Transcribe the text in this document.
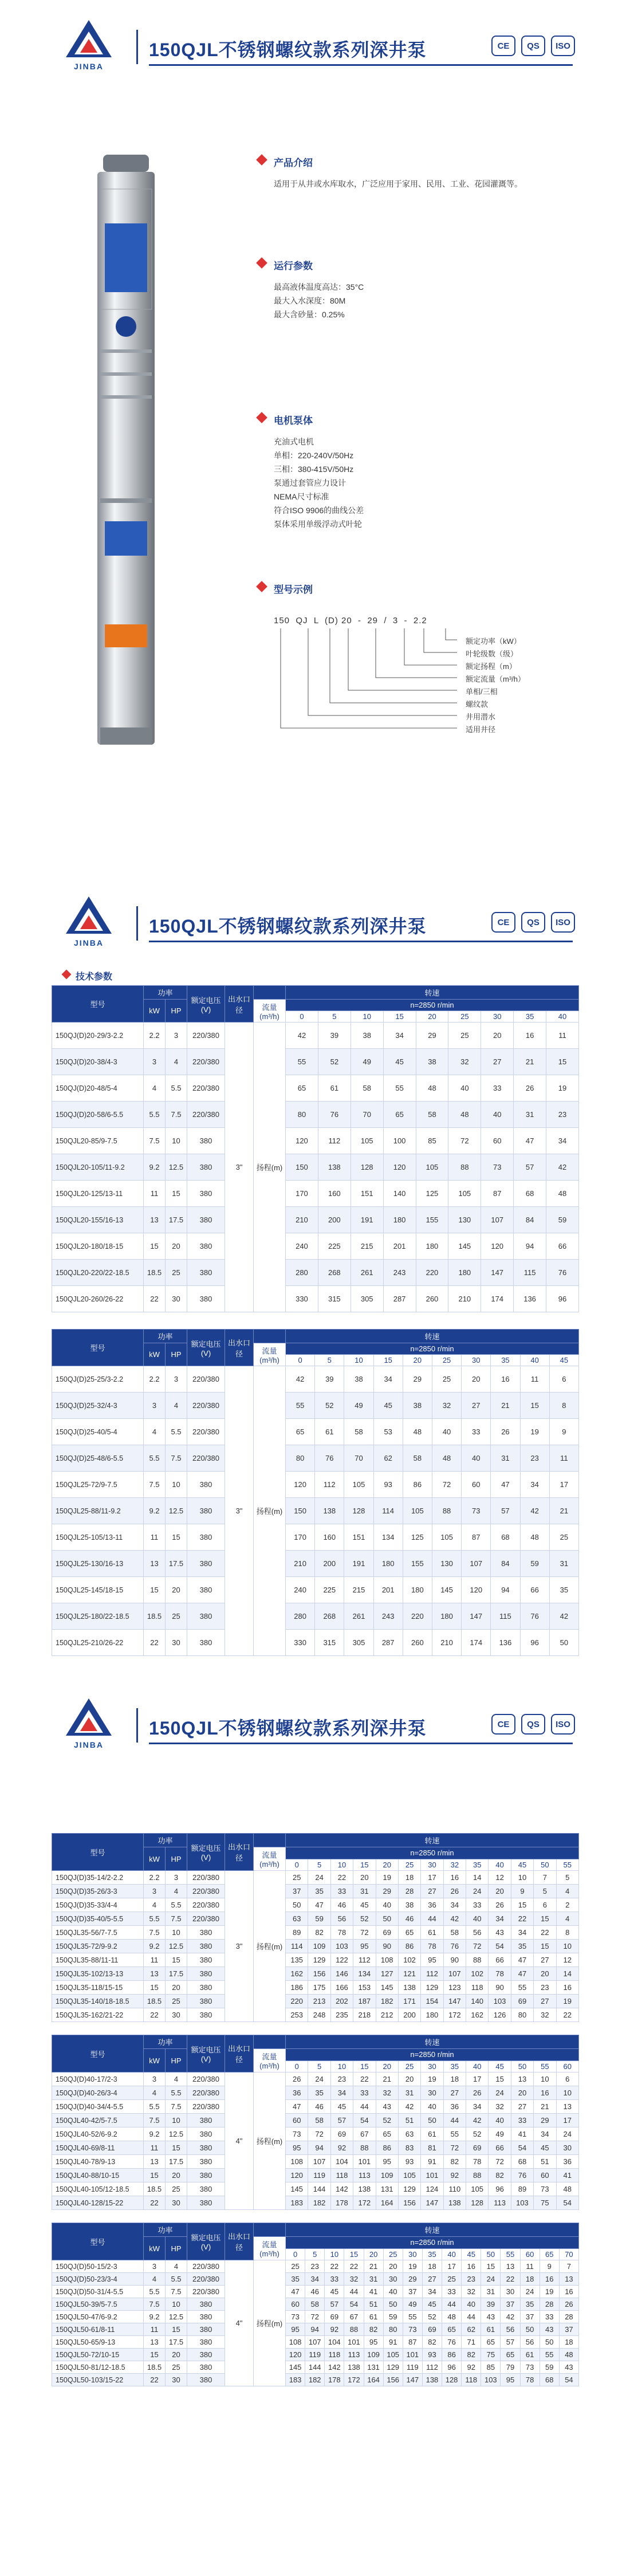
JINBA
150QJL不锈钢螺纹款系列深井泵	CE	QS	ISO
产品介绍
适用于从井或水库取水，广泛应用于家用、民用、工业、花园灌溉等。
运行参数
最高液体温度高达：35°C
最大入水深度：80M
最大含砂量：0.25%
电机泵体
充油式电机
单相：220-240V/50Hz
三相：380-415V/50Hz
泵通过套管应力设计
NEMA尺寸标准
符合ISO 9906的曲线公差
泵体采用单级浮动式叶轮
型号示例
150  QJ  L  (D) 20  -  29  /  3  -  2.2
额定功率（kW）
叶轮级数（级）
额定扬程（m）
额定流量（m³/h）
单相/三相
螺纹款
井用潜水
适用井径
JINBA
150QJL不锈钢螺纹款系列深井泵	CE	QS	ISO
技术参数
JINBA
150QJL不锈钢螺纹款系列深井泵	CE	QS	ISO
型号	功率		额定电压(V)	出水口径		转速								
	kW	HP			流量(m³/h)	n=2850 r/min								
						0	5	10	15	20	25	30	35	40
150QJ(D)20-29/3-2.2	2.2	3	220/380	3"	扬程(m)	42	39	38	34	29	25	20	16	11
150QJ(D)20-38/4-3	3	4	220/380			55	52	49	45	38	32	27	21	15
150QJ(D)20-48/5-4	4	5.5	220/380			65	61	58	55	48	40	33	26	19
150QJ(D)20-58/6-5.5	5.5	7.5	220/380			80	76	70	65	58	48	40	31	23
150QJL20-85/9-7.5	7.5	10	380			120	112	105	100	85	72	60	47	34
150QJL20-105/11-9.2	9.2	12.5	380			150	138	128	120	105	88	73	57	42
150QJL20-125/13-11	11	15	380			170	160	151	140	125	105	87	68	48
150QJL20-155/16-13	13	17.5	380			210	200	191	180	155	130	107	84	59
150QJL20-180/18-15	15	20	380			240	225	215	201	180	145	120	94	66
150QJL20-220/22-18.5	18.5	25	380			280	268	261	243	220	180	147	115	76
150QJL20-260/26-22	22	30	380			330	315	305	287	260	210	174	136	96
型号	功率		额定电压(V)	出水口径		转速									
	kW	HP			流量(m³/h)	n=2850 r/min									
						0	5	10	15	20	25	30	35	40	45
150QJ(D)25-25/3-2.2	2.2	3	220/380	3"	扬程(m)	42	39	38	34	29	25	20	16	11	6
150QJ(D)25-32/4-3	3	4	220/380			55	52	49	45	38	32	27	21	15	8
150QJ(D)25-40/5-4	4	5.5	220/380			65	61	58	53	48	40	33	26	19	9
150QJ(D)25-48/6-5.5	5.5	7.5	220/380			80	76	70	62	58	48	40	31	23	11
150QJL25-72/9-7.5	7.5	10	380			120	112	105	93	86	72	60	47	34	17
150QJL25-88/11-9.2	9.2	12.5	380			150	138	128	114	105	88	73	57	42	21
150QJL25-105/13-11	11	15	380			170	160	151	134	125	105	87	68	48	25
150QJL25-130/16-13	13	17.5	380			210	200	191	180	155	130	107	84	59	31
150QJL25-145/18-15	15	20	380			240	225	215	201	180	145	120	94	66	35
150QJL25-180/22-18.5	18.5	25	380			280	268	261	243	220	180	147	115	76	42
150QJL25-210/26-22	22	30	380			330	315	305	287	260	210	174	136	96	50
型号	功率		额定电压(V)	出水口径		转速												
	kW	HP			流量(m³/h)	n=2850 r/min												
						0	5	10	15	20	25	30	32	35	40	45	50	55
150QJ(D)35-14/2-2.2	2.2	3	220/380	3"	扬程(m)	25	24	22	20	19	18	17	16	14	12	10	7	5
150QJ(D)35-26/3-3	3	4	220/380			37	35	33	31	29	28	27	26	24	20	9	5	4
150QJ(D)35-33/4-4	4	5.5	220/380			50	47	46	45	40	38	36	34	33	26	15	6	2
150QJ(D)35-40/5-5.5	5.5	7.5	220/380			63	59	56	52	50	46	44	42	40	34	22	15	4
150QJL35-56/7-7.5	7.5	10	380			89	82	78	72	69	65	61	58	56	43	34	22	8
150QJL35-72/9-9.2	9.2	12.5	380			114	109	103	95	90	86	78	76	72	54	35	15	10
150QJL35-88/11-11	11	15	380			135	129	122	112	108	102	95	90	88	66	47	27	12
150QJL35-102/13-13	13	17.5	380			162	156	146	134	127	121	112	107	102	78	47	20	14
150QJL35-118/15-15	15	20	380			186	175	166	153	145	138	129	123	118	90	55	23	16
150QJL35-140/18-18.5	18.5	25	380			220	213	202	187	182	171	154	147	140	103	69	27	19
150QJL35-162/21-22	22	30	380			253	248	235	218	212	200	180	172	162	126	80	32	22
型号	功率		额定电压(V)	出水口径		转速												
	kW	HP			流量(m³/h)	n=2850 r/min												
						0	5	10	15	20	25	30	35	40	45	50	55	60
150QJ(D)40-17/2-3	3	4	220/380	4"	扬程(m)	26	24	23	22	21	20	19	18	17	15	13	10	6
150QJ(D)40-26/3-4	4	5.5	220/380			36	35	34	33	32	31	30	27	26	24	20	16	10
150QJ(D)40-34/4-5.5	5.5	7.5	220/380			47	46	45	44	43	42	40	36	34	32	27	21	13
150QJL40-42/5-7.5	7.5	10	380			60	58	57	54	52	51	50	44	42	40	33	29	17
150QJL40-52/6-9.2	9.2	12.5	380			73	72	69	67	65	63	61	55	52	49	41	34	24
150QJL40-69/8-11	11	15	380			95	94	92	88	86	83	81	72	69	66	54	45	30
150QJL40-78/9-13	13	17.5	380			108	107	104	101	95	93	91	82	78	72	68	51	36
150QJL40-88/10-15	15	20	380			120	119	118	113	109	105	101	92	88	82	76	60	41
150QJL40-105/12-18.5	18.5	25	380			145	144	142	138	131	129	124	110	105	96	89	73	48
150QJL40-128/15-22	22	30	380			183	182	178	172	164	156	147	138	128	113	103	75	54
型号	功率		额定电压(V)	出水口径		转速														
	kW	HP			流量(m³/h)	n=2850 r/min														
						0	5	10	15	20	25	30	35	40	45	50	55	60	65	70
150QJ(D)50-15/2-3	3	4	220/380	4"	扬程(m)	25	23	22	22	21	20	19	18	17	16	15	13	11	9	7
150QJ(D)50-23/3-4	4	5.5	220/380			35	34	33	32	31	30	29	27	25	23	24	22	18	16	13
150QJ(D)50-31/4-5.5	5.5	7.5	220/380			47	46	45	44	41	40	37	34	33	32	31	30	24	19	16
150QJL50-39/5-7.5	7.5	10	380			60	58	57	54	51	50	49	45	44	40	39	37	35	28	26
150QJL50-47/6-9.2	9.2	12.5	380			73	72	69	67	61	59	55	52	48	44	43	42	37	33	28
150QJL50-61/8-11	11	15	380			95	94	92	88	82	80	73	69	65	62	61	56	50	43	37
150QJL50-65/9-13	13	17.5	380			108	107	104	101	95	91	87	82	76	71	65	57	56	50	18
150QJL50-72/10-15	15	20	380			120	119	118	113	109	105	101	93	86	82	75	65	61	55	48
150QJL50-81/12-18.5	18.5	25	380			145	144	142	138	131	129	119	112	96	92	85	79	73	59	43
150QJL50-103/15-22	22	30	380			183	182	178	172	164	156	147	138	128	118	103	95	78	68	54
